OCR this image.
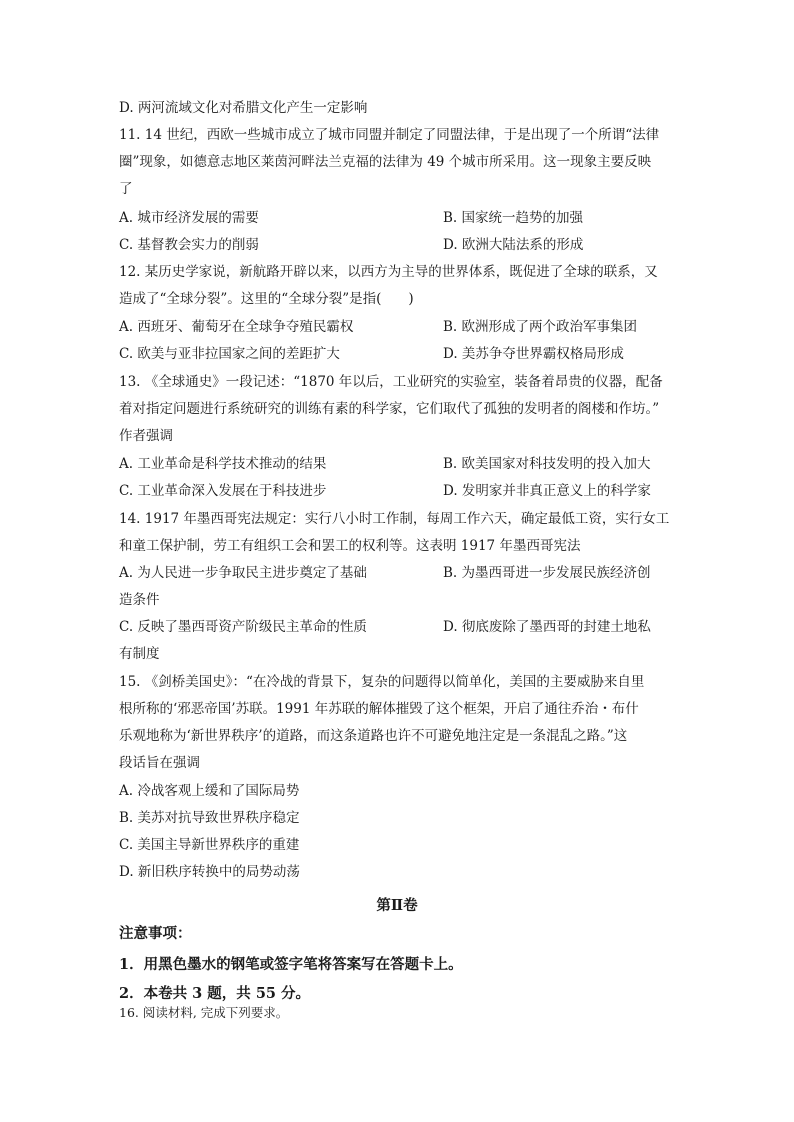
D. 两河流域文化对希腊文化产生一定影响
11. 14 世纪，西欧一些城市成立了城市同盟并制定了同盟法律，于是出现了一个所谓“法律
圈”现象，如德意志地区莱茵河畔法兰克福的法律为 49 个城市所采用。这一现象主要反映
了
A. 城市经济发展的需要	B. 国家统一趋势的加强
C. 基督教会实力的削弱	D. 欧洲大陆法系的形成
12. 某历史学家说，新航路开辟以来，以西方为主导的世界体系，既促进了全球的联系，又
造成了“全球分裂”。这里的“全球分裂”是指(　　)
A. 西班牙、葡萄牙在全球争夺殖民霸权	B. 欧洲形成了两个政治军事集团
C. 欧美与亚非拉国家之间的差距扩大	D. 美苏争夺世界霸权格局形成
13. 《全球通史》一段记述：“1870 年以后，工业研究的实验室，装备着昂贵的仪器，配备
着对指定问题进行系统研究的训练有素的科学家，它们取代了孤独的发明者的阁楼和作坊。”
作者强调
A. 工业革命是科学技术推动的结果	B. 欧美国家对科技发明的投入加大
C. 工业革命深入发展在于科技进步	D. 发明家并非真正意义上的科学家
14. 1917 年墨西哥宪法规定：实行八小时工作制，每周工作六天，确定最低工资，实行女工
和童工保护制，劳工有组织工会和罢工的权利等。这表明 1917 年墨西哥宪法
A. 为人民进一步争取民主进步奠定了基础	B. 为墨西哥进一步发展民族经济创
造条件
C. 反映了墨西哥资产阶级民主革命的性质	D. 彻底废除了墨西哥的封建土地私
有制度
15. 《剑桥美国史》：“在冷战的背景下，复杂的问题得以简单化，美国的主要威胁来自里
根所称的‘邪恶帝国’苏联。1991 年苏联的解体摧毁了这个框架，开启了通往乔治・布什
乐观地称为‘新世界秩序’的道路，而这条道路也许不可避免地注定是一条混乱之路。”这
段话旨在强调
A. 冷战客观上缓和了国际局势
B. 美苏对抗导致世界秩序稳定
C. 美国主导新世界秩序的重建
D. 新旧秩序转换中的局势动荡
第Ⅱ卷
注意事项：
1．用黑色墨水的钢笔或签字笔将答案写在答题卡上。
2．本卷共 3 题，共 55 分。
16. 阅读材料, 完成下列要求。
